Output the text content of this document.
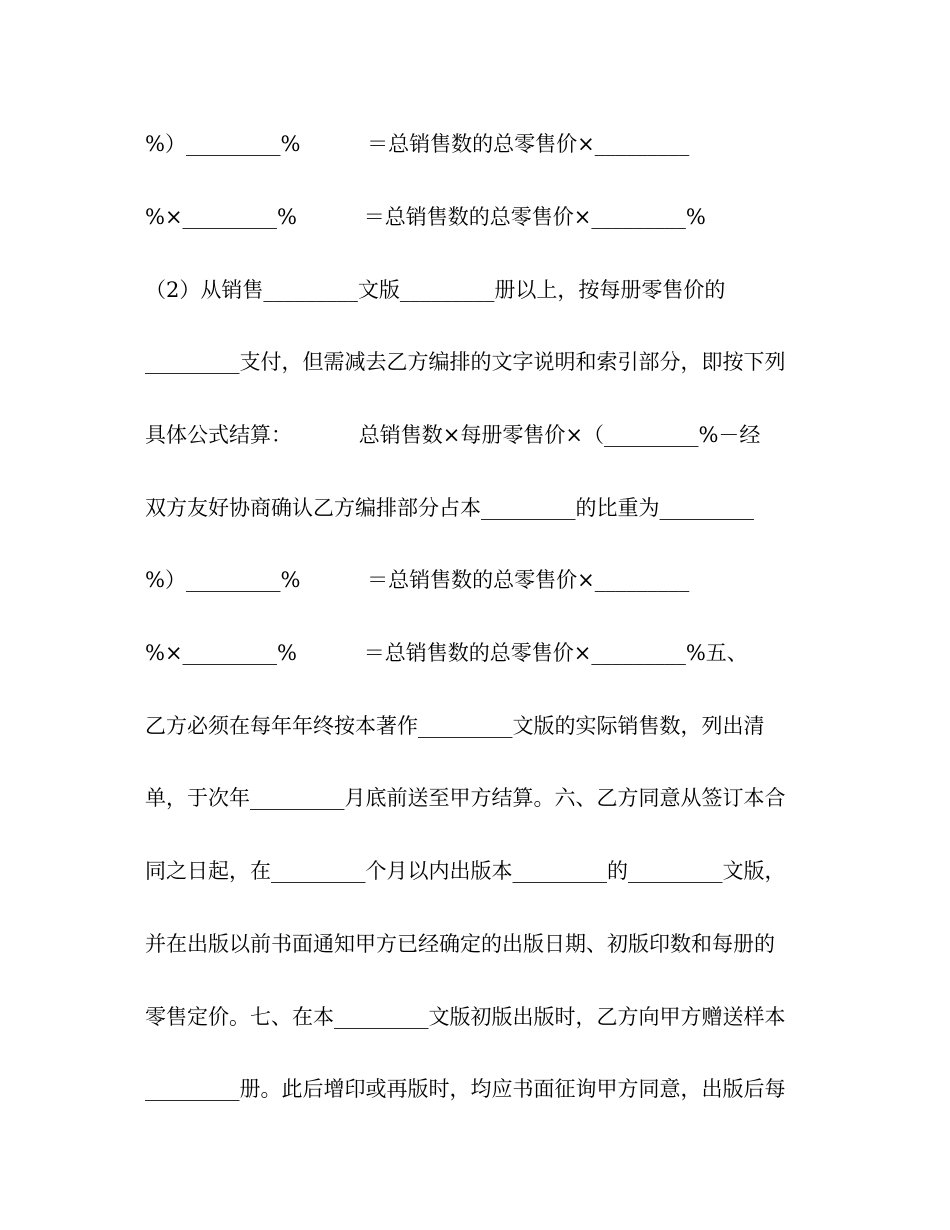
%）_________%          ＝总销售数的总零售价×_________

%×_________%          ＝总销售数的总零售价×_________%

（2）从销售_________文版_________册以上，按每册零售价的

_________支付，但需减去乙方编排的文字说明和索引部分，即按下列

具体公式结算：          总销售数×每册零售价×（_________%－经

双方友好协商确认乙方编排部分占本_________的比重为_________

%）_________%          ＝总销售数的总零售价×_________

%×_________%          ＝总销售数的总零售价×_________%五、

乙方必须在每年年终按本著作_________文版的实际销售数，列出清

单，于次年_________月底前送至甲方结算。六、乙方同意从签订本合

同之日起，在_________个月以内出版本_________的_________文版，

并在出版以前书面通知甲方已经确定的出版日期、初版印数和每册的

零售定价。七、在本_________文版初版出版时，乙方向甲方赠送样本

_________册。此后增印或再版时，均应书面征询甲方同意，出版后每
